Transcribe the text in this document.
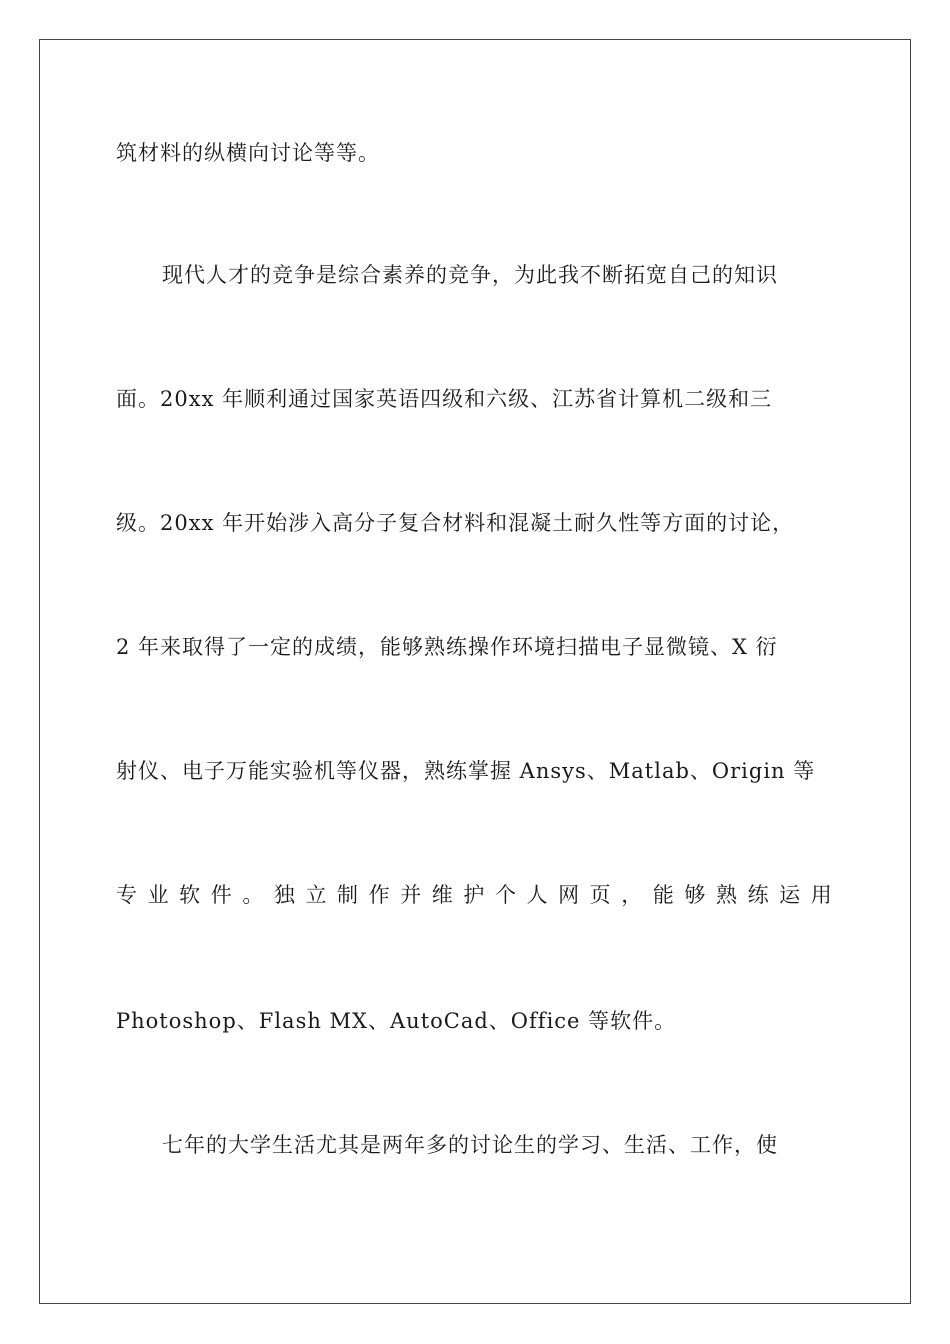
筑材料的纵横向讨论等等。
现代人才的竞争是综合素养的竞争，为此我不断拓宽自己的知识
面。20xx 年顺利通过国家英语四级和六级、江苏省计算机二级和三
级。20xx 年开始涉入高分子复合材料和混凝土耐久性等方面的讨论，
2 年来取得了一定的成绩，能够熟练操作环境扫描电子显微镜、X 衍
射仪、电子万能实验机等仪器，熟练掌握 Ansys、Matlab、Origin 等
专 业 软 件 。 独 立 制 作 并 维 护 个 人 网 页 ， 能 够 熟 练 运 用
Photoshop、Flash MX、AutoCad、Office 等软件。
七年的大学生活尤其是两年多的讨论生的学习、生活、工作，使
